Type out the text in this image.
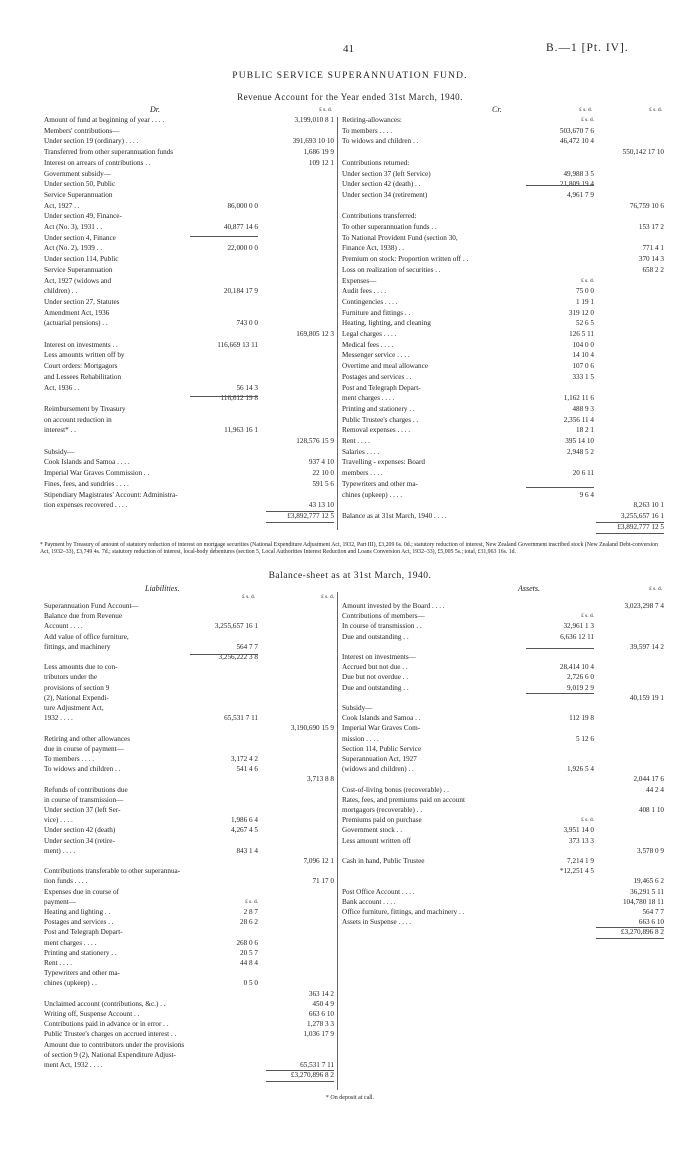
41	B.—1 [Pt. IV].
PUBLIC SERVICE SUPERANNUATION FUND.
Revenue Account for the Year ended 31st March, 1940.
Dr.	Cr.
£ s. d.	£ s. d.	£ s. d.
Amount of fund at beginning of year . . . .	3,199,010 8 1
Members' contributions—
Under section 19 (ordinary) . . . .	391,693 10 10
Transferred from other superannuation funds	1,686 19 9
Interest on arrears of contributions . .	109 12 1
Government subsidy—
Under section 50, Public
Service Superannuation
Act, 1927 . .	86,000 0 0
Under section 49, Finance-
Act (No. 3), 1931 . .	40,877 14 6
Under section 4, Finance
Act (No. 2), 1939 . .	22,000 0 0
Under section 114, Public
Service Superannuation
Act, 1927 (widows and
children) . .	20,184 17 9
Under section 27, Statutes
Amendment Act, 1936
(actuarial pensions) . .	743 0 0
169,805 12 3
Interest on investments . .	116,669 13 11
Less amounts written off by
Court orders: Mortgagors
and Lessees Rehabilitation
Act, 1936 . .	56 14 3
116,612 19 8
Reimbursement by Treasury
on account reduction in
interest* . .	11,963 16 1
128,576 15 9
Subsidy—
Cook Islands and Samoa . . . .	937 4 10
Imperial War Graves Commission . .	22 10 0
Fines, fees, and sundries . . . .	591 5 6
Stipendiary Magistrates' Account: Administra-
tion expenses recovered . . . .	43 13 10
£3,892,777 12 5
Retiring-allowances:	£ s. d.
To members . . . .	503,670 7 6
To widows and children . .	46,472 10 4
550,142 17 10
Contributions returned:
Under section 37 (left Service)	49,988 3 5
Under section 42 (death) . .	21,809 19 4
Under section 34 (retirement)	4,961 7 9
76,759 10 6
Contributions transferred:
To other superannuation funds . .	153 17 2
To National Provident Fund (section 30,
Finance Act, 1938) . .	771 4 1
Premium on stock: Proportion written off . .	370 14 3
Loss on realization of securities . .	658 2 2
Expenses—	£ s. d.
Audit fees . . . .	75 0 0
Contingencies . . . .	1 19 1
Furniture and fittings . .	319 12 0
Heating, lighting, and cleaning	52 6 5
Legal charges . . . .	126 5 11
Medical fees . . . .	104 0 0
Messenger service . . . .	14 10 4
Overtime and meal allowance	107 0 6
Postages and services . .	333 1 5
Post and Telegraph Depart-
ment charges . . . .	1,162 11 6
Printing and stationery . .	488 9 3
Public Trustee's charges . .	2,356 11 4
Removal expenses . . . .	18 2 1
Rent . . . .	395 14 10
Salaries . . . .	2,948 5 2
Travelling - expenses: Board
members . . . .	20 6 11
Typewriters and other ma-
chines (upkeep) . . . .	9 6 4
8,263 10 1
Balance as at 31st March, 1940 . . . .	3,255,657 16 1
£3,892,777 12 5
* Payment by Treasury of amount of statutory reduction of interest on mortgage securities (National Expenditure Adjustment Act, 1932, Part III), £3,209 6s. 0d.; statutory reduction of interest, New Zealand Government inscribed stock (New Zealand Debt-conversion Act, 1932–33), £3,749 4s. 7d.; statutory reduction of interest, local-body debentures (section 5, Local Authorities Interest Reduction and Loans Conversion Act, 1932–33), £5,005 5s.; total, £11,963 16s. 1d.
Balance-sheet as at 31st March, 1940.
Liabilities.	Assets.
£ s. d.	£ s. d.
£ s. d.
Superannuation Fund Account—
Balance due from Revenue
Account . . . .	3,255,657 16 1
Add value of office furniture,
fittings, and machinery	564 7 7
3,256,222 3 8
Less amounts due to con-
tributors under the
provisions of section 9
(2), National Expendi-
ture Adjustment Act,
1932 . . . .	65,531 7 11
3,190,690 15 9
Retiring and other allowances
due in course of payment—
To members . . . .	3,172 4 2
To widows and children . .	541 4 6
3,713 8 8
Refunds of contributions due
in course of transmission—
Under section 37 (left Ser-
vice) . . . .	1,986 6 4
Under section 42 (death)	4,267 4 5
Under section 34 (retire-
ment) . . . .	843 1 4
7,096 12 1
Contributions transferable to other superannua-
tion funds . . . .	71 17 0
Expenses due in course of
payment—	£ s. d.
Heating and lighting . .	2 8 7
Postages and services . .	28 6 2
Post and Telegraph Depart-
ment charges . . . .	268 0 6
Printing and stationery . .	20 5 7
Rent . . . .	44 8 4
Typewriters and other ma-
chines (upkeep) . .	0 5 0
363 14 2
Unclaimed account (contributions, &c.) . .	450 4 9
Writing off, Suspense Account . .	663 6 10
Contributions paid in advance or in error . .	1,278 3 3
Public Trustee's charges on accrued interest . .	1,036 17 9
Amount due to contributors under the provisions
of section 9 (2), National Expenditure Adjust-
ment Act, 1932 . . . .	65,531 7 11
£3,270,896 8 2
Amount invested by the Board . . . .	3,023,298 7 4
Contributions of members—	£ s. d.
In course of transmission . .	32,961 1 3
Due and outstanding . .	6,636 12 11
39,597 14 2
Interest on investments—
Accrued but not due . .	28,414 10 4
Due but not overdue . .	2,726 6 0
Due and outstanding . .	9,019 2 9
40,159 19 1
Subsidy—
Cook Islands and Samoa . .	112 19 8
Imperial War Graves Com-
mission . . . .	5 12 6
Section 114, Public Service
Superannuation Act, 1927
(widows and children) . .	1,926 5 4
2,044 17 6
Cost-of-living bonus (recoverable) . .	44 2 4
Rates, fees, and premiums paid on account
mortgagors (recoverable) . .	408 1 10
Premiums paid on purchase	£ s. d.
Government stock . .	3,951 14 0
Less amount written off	373 13 3
3,578 0 9
Cash in hand, Public Trustee	7,214 1 9
*12,251 4 5
19,465 6 2
Post Office Account . . . .	36,291 5 11
Bank account . . . .	104,780 18 11
Office furniture, fittings, and machinery . .	564 7 7
Assets in Suspense . . . .	663 6 10
£3,270,896 8 2
* On deposit at call.
